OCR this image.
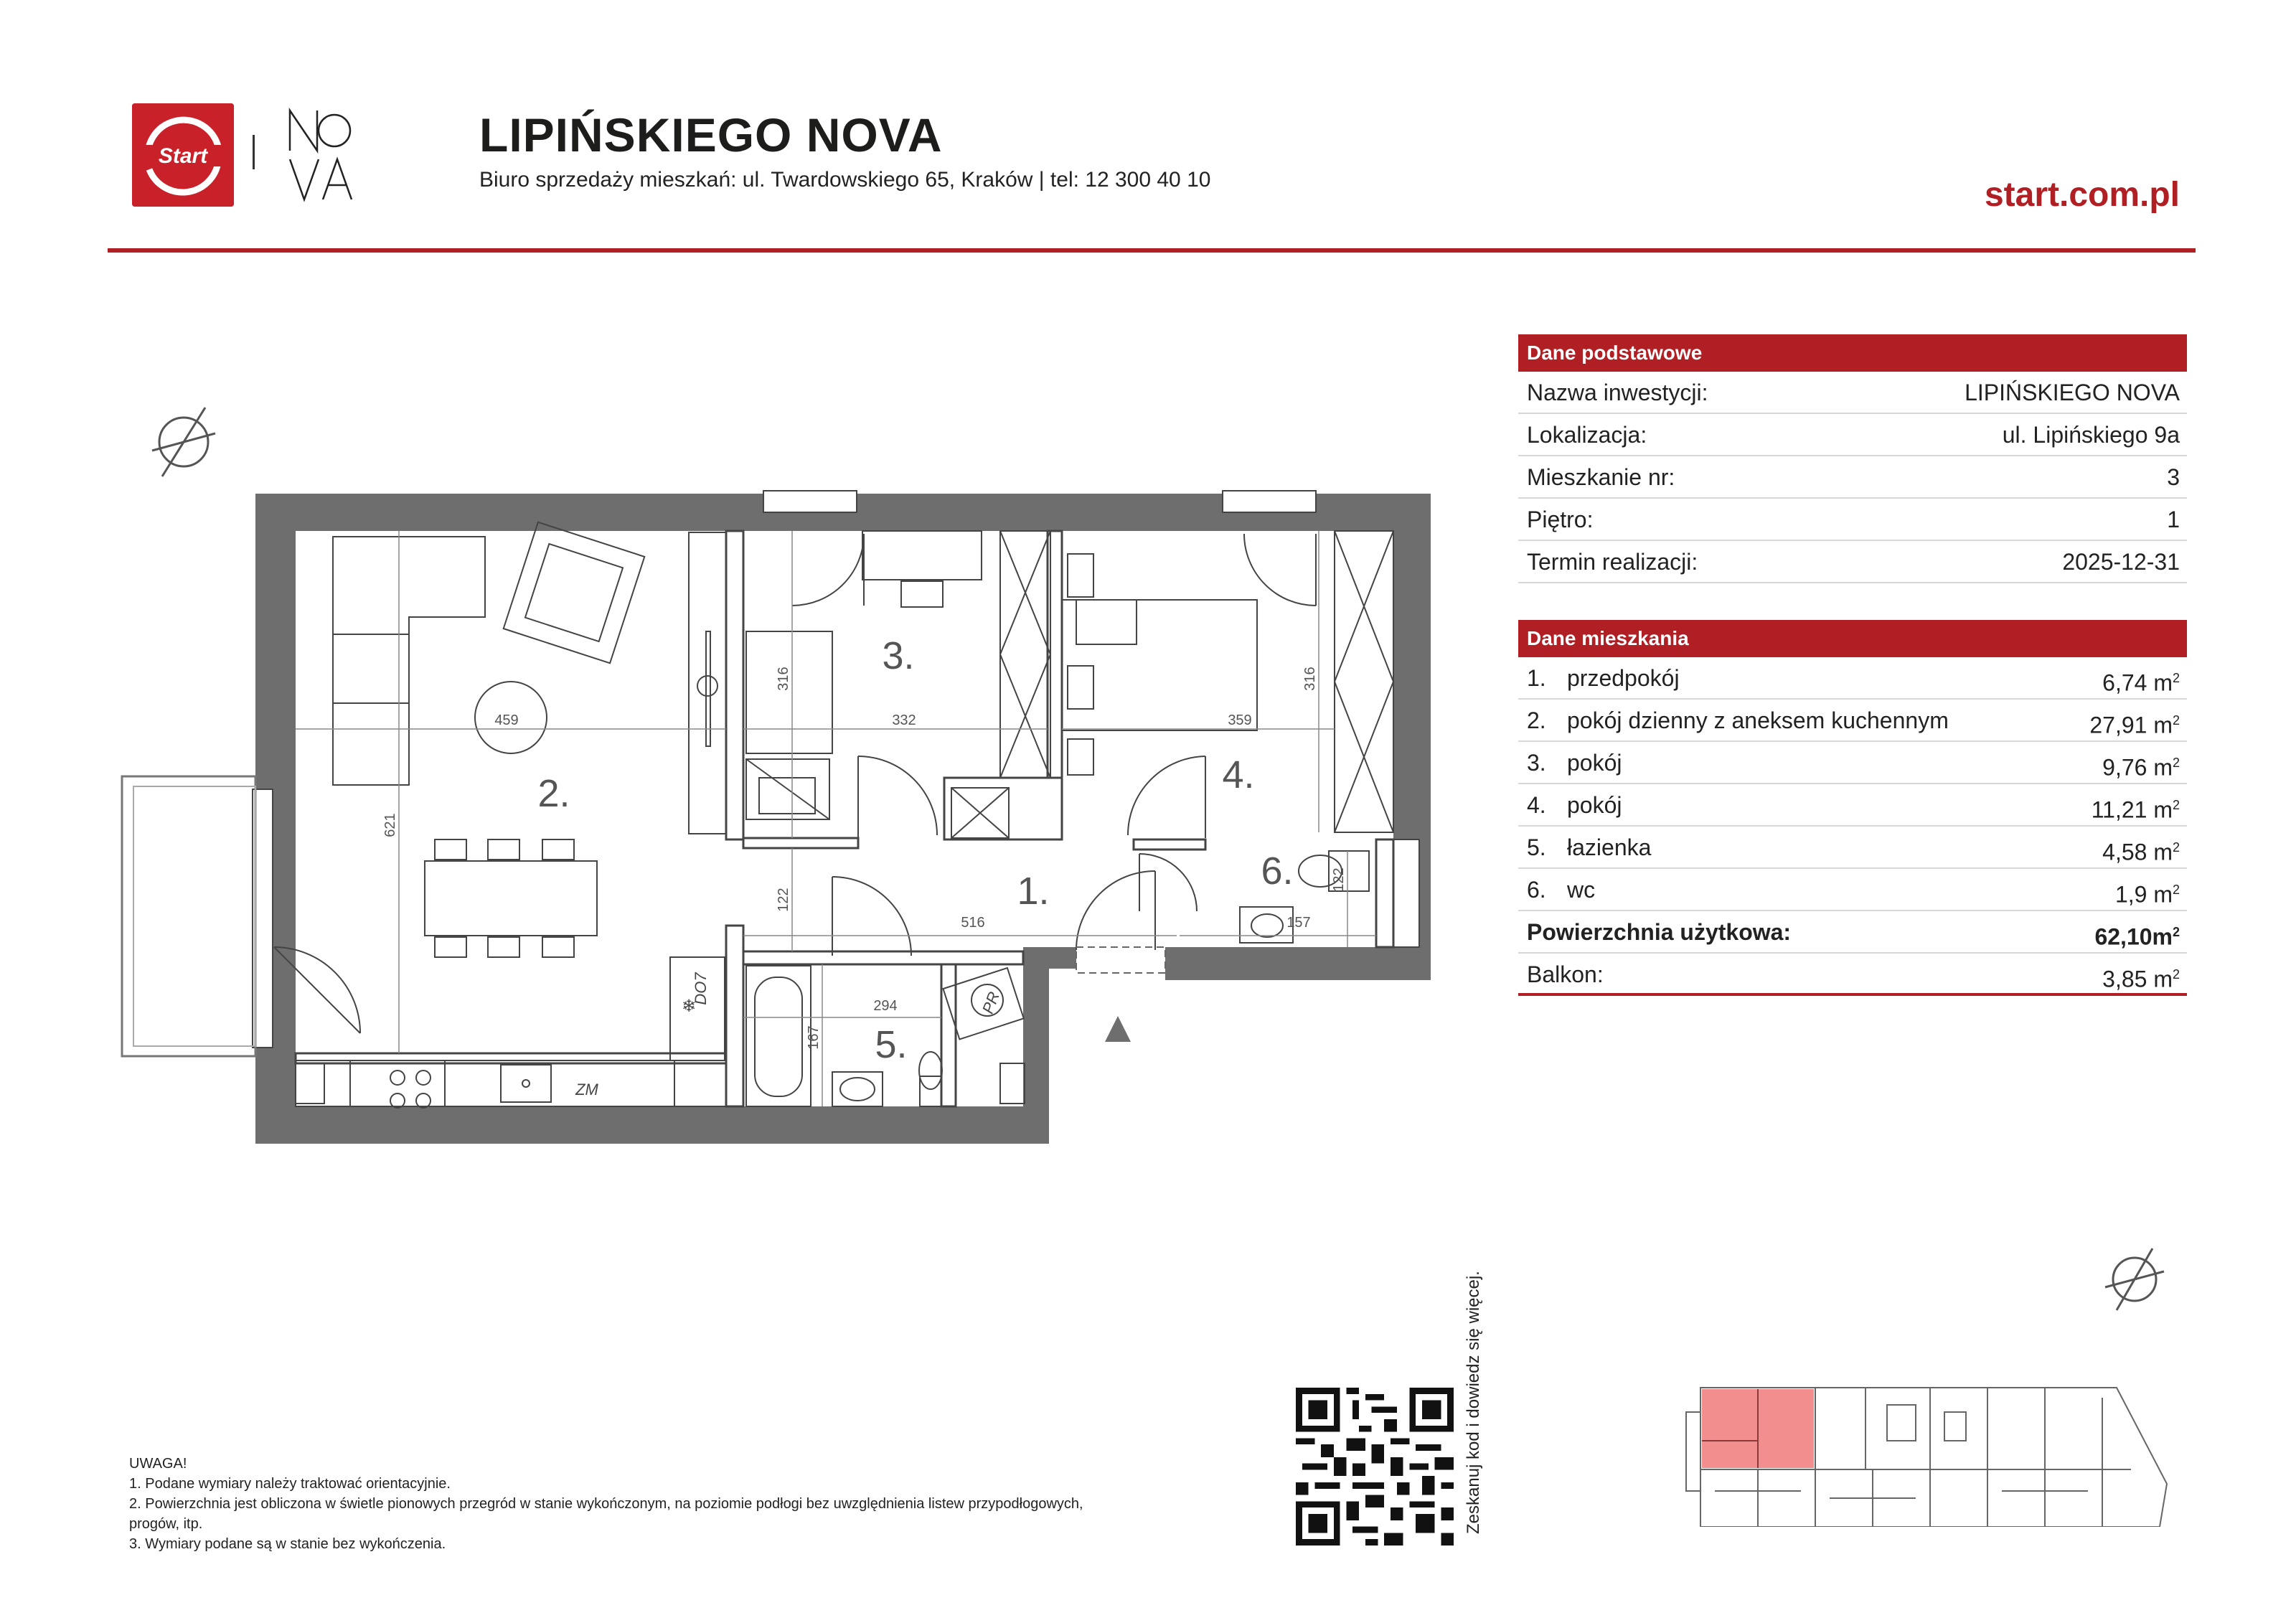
Start	LIPIŃSKIEGO NOVA
Biuro sprzedaży mieszkań: ul. Twardowskiego 65, Kraków | tel: 12 300 40 10	start.com.pl
459
621
332
316
359
316
516
122
294
167
157
122
DO7	PR
ZM
❄
1.
2.
3.
4.
5.
6.
Dane podstawowe
Nazwa inwestycji:	LIPIŃSKIEGO NOVA
Lokalizacja:	ul. Lipińskiego 9a
Mieszkanie nr:	3
Piętro:	1
Termin realizacji:	2025-12-31
Dane mieszkania
1. przedpokój	6,74 $m^2$
2. pokój dzienny z aneksem kuchennym	27,91 $m^2$
3. pokój	9,76 $m^2$
4. pokój	11,21 $m^2$
5. łazienka	4,58 $m^2$
6. wc	1,9 $m^2$
Powierzchnia użytkowa:	$62,10m^2$
Balkon:	3,85 $m^2$
UWAGA!
1. Podane wymiary należy traktować orientacyjnie.
2. Powierzchnia jest obliczona w świetle pionowych przegród w stanie wykończonym, na poziomie podłogi bez uwzględnienia listew przypodłogowych,
progów, itp.
3. Wymiary podane są w stanie bez wykończenia.
Zeskanuj kod i dowiedz się więcej.
